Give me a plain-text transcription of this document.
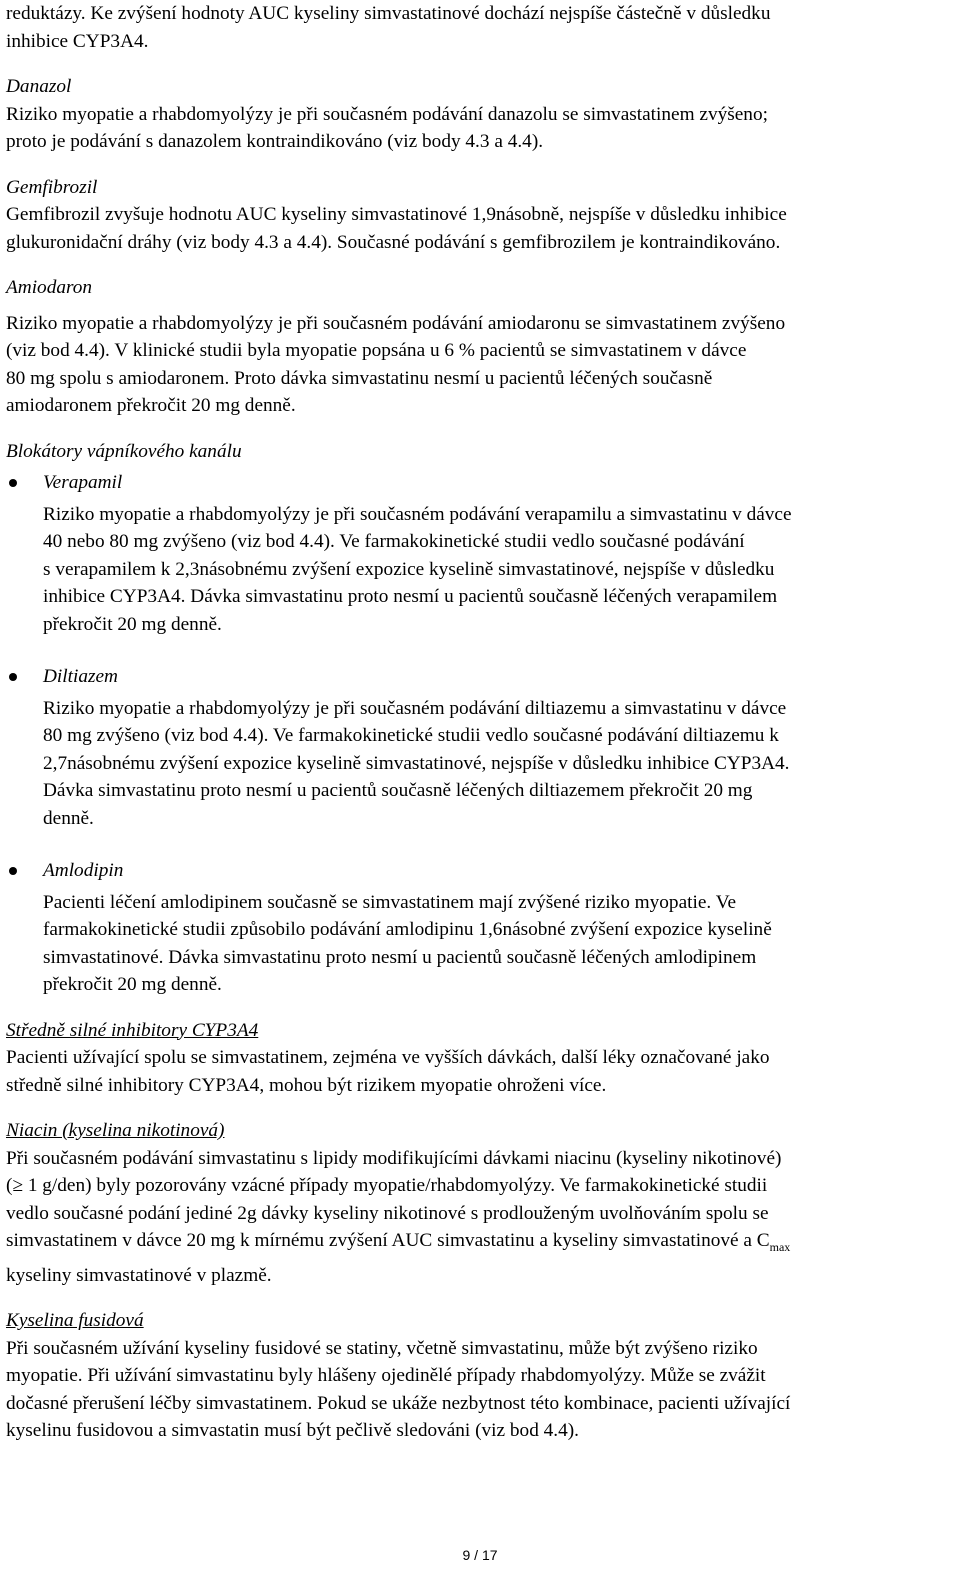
reduktázy. Ke zvýšení hodnoty AUC kyseliny simvastatinové dochází nejspíše částečně v důsledku

inhibice CYP3A4.

Danazol

Riziko myopatie a rhabdomyolýzy je při současném podávání danazolu se simvastatinem zvýšeno;

proto je podávání s danazolem kontraindikováno (viz body 4.3 a 4.4).

Gemfibrozil

Gemfibrozil zvyšuje hodnotu AUC kyseliny simvastatinové 1,9násobně, nejspíše v důsledku inhibice

glukuronidační dráhy (viz body 4.3 a 4.4). Současné podávání s gemfibrozilem je kontraindikováno.

Amiodaron

Riziko myopatie a rhabdomyolýzy je při současném podávání amiodaronu se simvastatinem zvýšeno

(viz bod 4.4). V klinické studii byla myopatie popsána u 6 % pacientů se simvastatinem v dávce

80 mg spolu s amiodaronem. Proto dávka simvastatinu nesmí u pacientů léčených současně

amiodaronem překročit 20 mg denně.

Blokátory vápníkového kanálu

Verapamil

Riziko myopatie a rhabdomyolýzy je při současném podávání verapamilu a simvastatinu v dávce

40 nebo 80 mg zvýšeno (viz bod 4.4). Ve farmakokinetické studii vedlo současné podávání

s verapamilem k 2,3násobnému zvýšení expozice kyselině simvastatinové, nejspíše v důsledku

inhibice CYP3A4. Dávka simvastatinu proto nesmí u pacientů současně léčených verapamilem

překročit 20 mg denně.

Diltiazem

Riziko myopatie a rhabdomyolýzy je při současném podávání diltiazemu a simvastatinu v dávce

80 mg zvýšeno (viz bod 4.4). Ve farmakokinetické studii vedlo současné podávání diltiazemu k

2,7násobnému zvýšení expozice kyselině simvastatinové, nejspíše v důsledku inhibice CYP3A4.

Dávka simvastatinu proto nesmí u pacientů současně léčených diltiazemem překročit 20 mg

denně.

Amlodipin

Pacienti léčení amlodipinem současně se simvastatinem mají zvýšené riziko myopatie. Ve

farmakokinetické studii způsobilo podávání amlodipinu 1,6násobné zvýšení expozice kyselině

simvastatinové. Dávka simvastatinu proto nesmí u pacientů současně léčených amlodipinem

překročit 20 mg denně.

Středně silné inhibitory CYP3A4

Pacienti užívající spolu se simvastatinem, zejména ve vyšších dávkách, další léky označované jako

středně silné inhibitory CYP3A4, mohou být rizikem myopatie ohroženi více.

Niacin (kyselina nikotinová)

Při současném podávání simvastatinu s lipidy modifikujícími dávkami niacinu (kyseliny nikotinové)

(≥ 1 g/den) byly pozorovány vzácné případy myopatie/rhabdomyolýzy. Ve farmakokinetické studii

vedlo současné podání jediné 2g dávky kyseliny nikotinové s prodlouženým uvolňováním spolu se

simvastatinem v dávce 20 mg k mírnému zvýšení AUC simvastatinu a kyseliny simvastatinové a $C_{max}$

kyseliny simvastatinové v plazmě.

Kyselina fusidová

Při současném užívání kyseliny fusidové se statiny, včetně simvastatinu, může být zvýšeno riziko

myopatie. Při užívání simvastatinu byly hlášeny ojedinělé případy rhabdomyolýzy. Může se zvážit

dočasné přerušení léčby simvastatinem. Pokud se ukáže nezbytnost této kombinace, pacienti užívající

kyselinu fusidovou a simvastatin musí být pečlivě sledováni (viz bod 4.4).

9 / 17
